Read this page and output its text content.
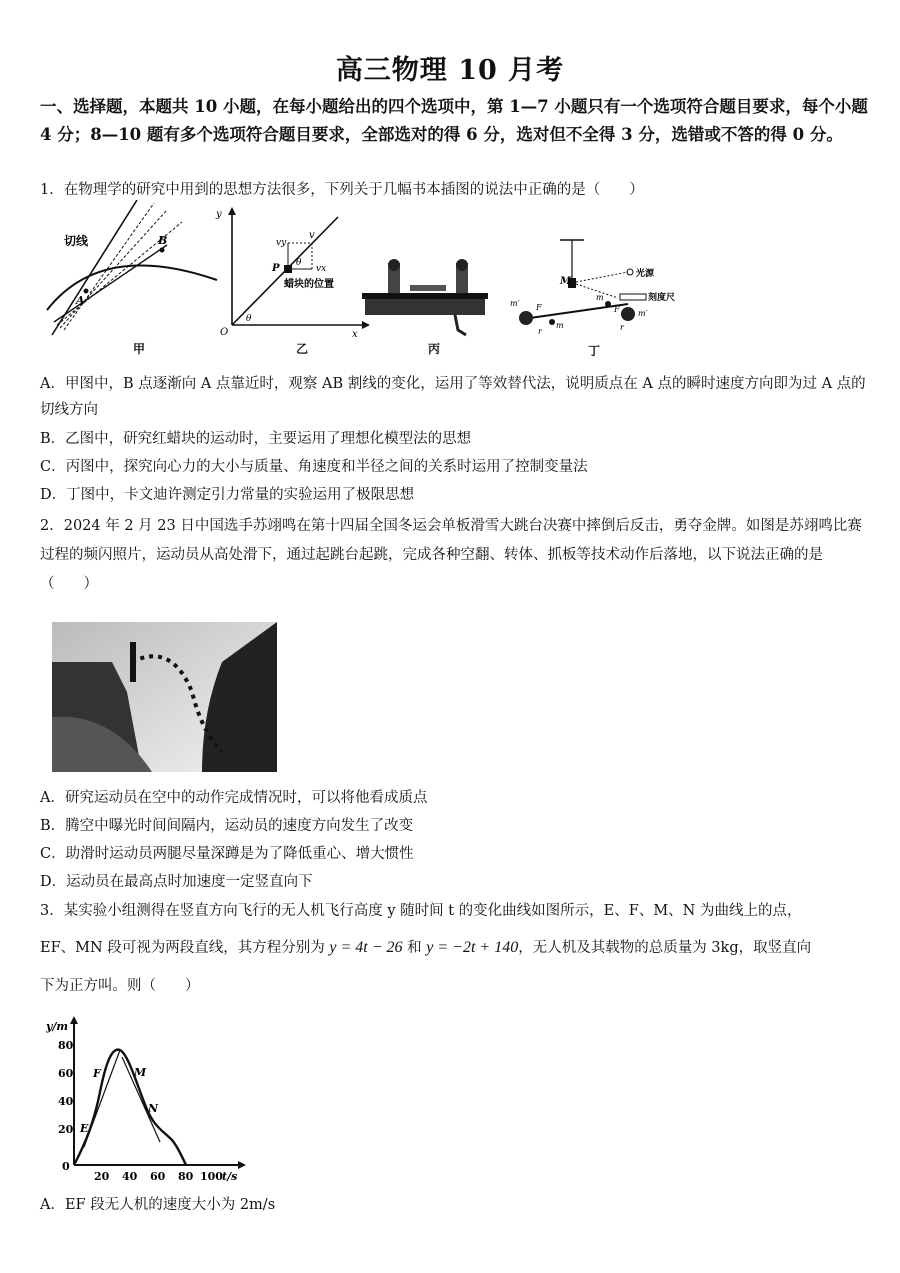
高三物理 10 月考
一、选择题，本题共 10 小题，在每小题给出的四个选项中，第 1—7 小题只有一个选项符合题目要求，每个小题 4 分；8—10 题有多个选项符合题目要求，全部选对的得 6 分，选对但不全得 3 分，选错或不答的得 0 分。
1．在物理学的研究中用到的思想方法很多，下列关于几幅书本插图的说法中正确的是（　　）
切线
A
B
甲
vy
v
P θ
vx
蜡块的位置
O
θ
x
y
乙	丙
M
光源
刻度尺
m′ F
m
r
m
F
r
m′
丁
A．甲图中，B 点逐渐向 A 点靠近时，观察 AB 割线的变化，运用了等效替代法，说明质点在 A 点的瞬时速度方向即为过 A 点的切线方向
B．乙图中，研究红蜡块的运动时，主要运用了理想化模型法的思想
C．丙图中，探究向心力的大小与质量、角速度和半径之间的关系时运用了控制变量法
D．丁图中，卡文迪许测定引力常量的实验运用了极限思想
2．2024 年 2 月 23 日中国选手苏翊鸣在第十四届全国冬运会单板滑雪大跳台决赛中摔倒后反击，勇夺金牌。如图是苏翊鸣比赛过程的频闪照片，运动员从高处滑下，通过起跳台起跳，完成各种空翻、转体、抓板等技术动作后落地，以下说法正确的是（　　）
A．研究运动员在空中的动作完成情况时，可以将他看成质点
B．腾空中曝光时间间隔内，运动员的速度方向发生了改变
C．助滑时运动员两腿尽量深蹲是为了降低重心、增大惯性
D．运动员在最高点时加速度一定竖直向下
3．某实验小组测得在竖直方向飞行的无人机飞行高度 y 随时间 t 的变化曲线如图所示，E、F、M、N 为曲线上的点，
EF、MN 段可视为两段直线，其方程分别为 y = 4t − 26 和 y = −2t + 140，无人机及其载物的总质量为 3kg，取竖直向
下为正方叫。则（　　）
y/m
t/s
0
20
40
60
80
20 40 60 80 100
E
F	M
N
A．EF 段无人机的速度大小为 2m/s
